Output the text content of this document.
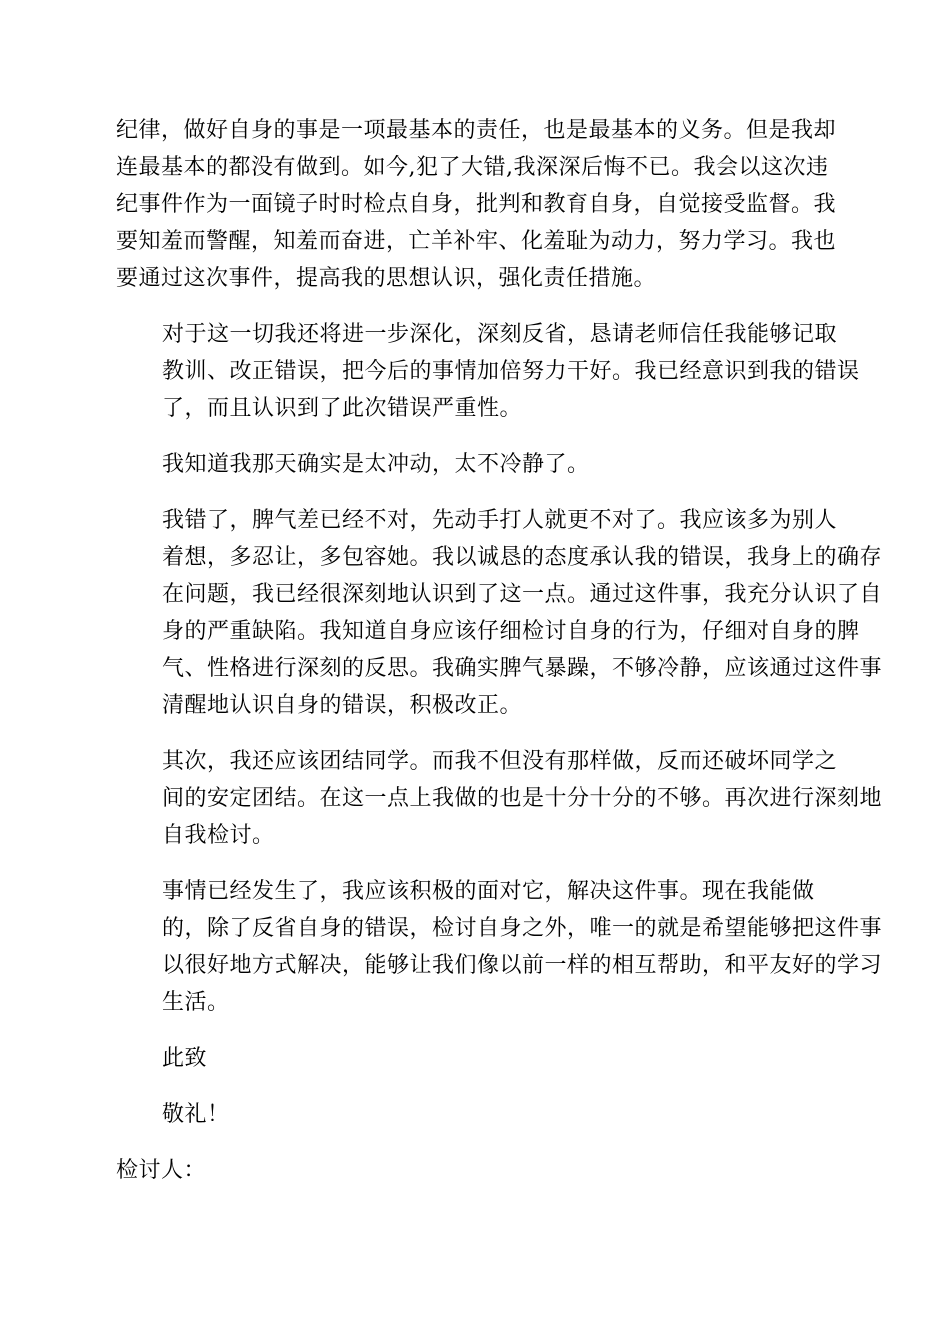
纪律，做好自身的事是一项最基本的责任，也是最基本的义务。但是我却
连最基本的都没有做到。如今,犯了大错,我深深后悔不已。我会以这次违
纪事件作为一面镜子时时检点自身，批判和教育自身，自觉接受监督。我
要知羞而警醒，知羞而奋进，亡羊补牢、化羞耻为动力，努力学习。我也
要通过这次事件，提高我的思想认识，强化责任措施。

对于这一切我还将进一步深化，深刻反省，恳请老师信任我能够记取
教训、改正错误，把今后的事情加倍努力干好。我已经意识到我的错误
了，而且认识到了此次错误严重性。

我知道我那天确实是太冲动，太不冷静了。

我错了，脾气差已经不对，先动手打人就更不对了。我应该多为别人
着想，多忍让，多包容她。我以诚恳的态度承认我的错误，我身上的确存
在问题，我已经很深刻地认识到了这一点。通过这件事，我充分认识了自
身的严重缺陷。我知道自身应该仔细检讨自身的行为，仔细对自身的脾
气、性格进行深刻的反思。我确实脾气暴躁，不够冷静，应该通过这件事
清醒地认识自身的错误，积极改正。

其次，我还应该团结同学。而我不但没有那样做，反而还破坏同学之
间的安定团结。在这一点上我做的也是十分十分的不够。再次进行深刻地
自我检讨。

事情已经发生了，我应该积极的面对它，解决这件事。现在我能做
的，除了反省自身的错误，检讨自身之外，唯一的就是希望能够把这件事
以很好地方式解决，能够让我们像以前一样的相互帮助，和平友好的学习
生活。

此致

敬礼！

检讨人：
